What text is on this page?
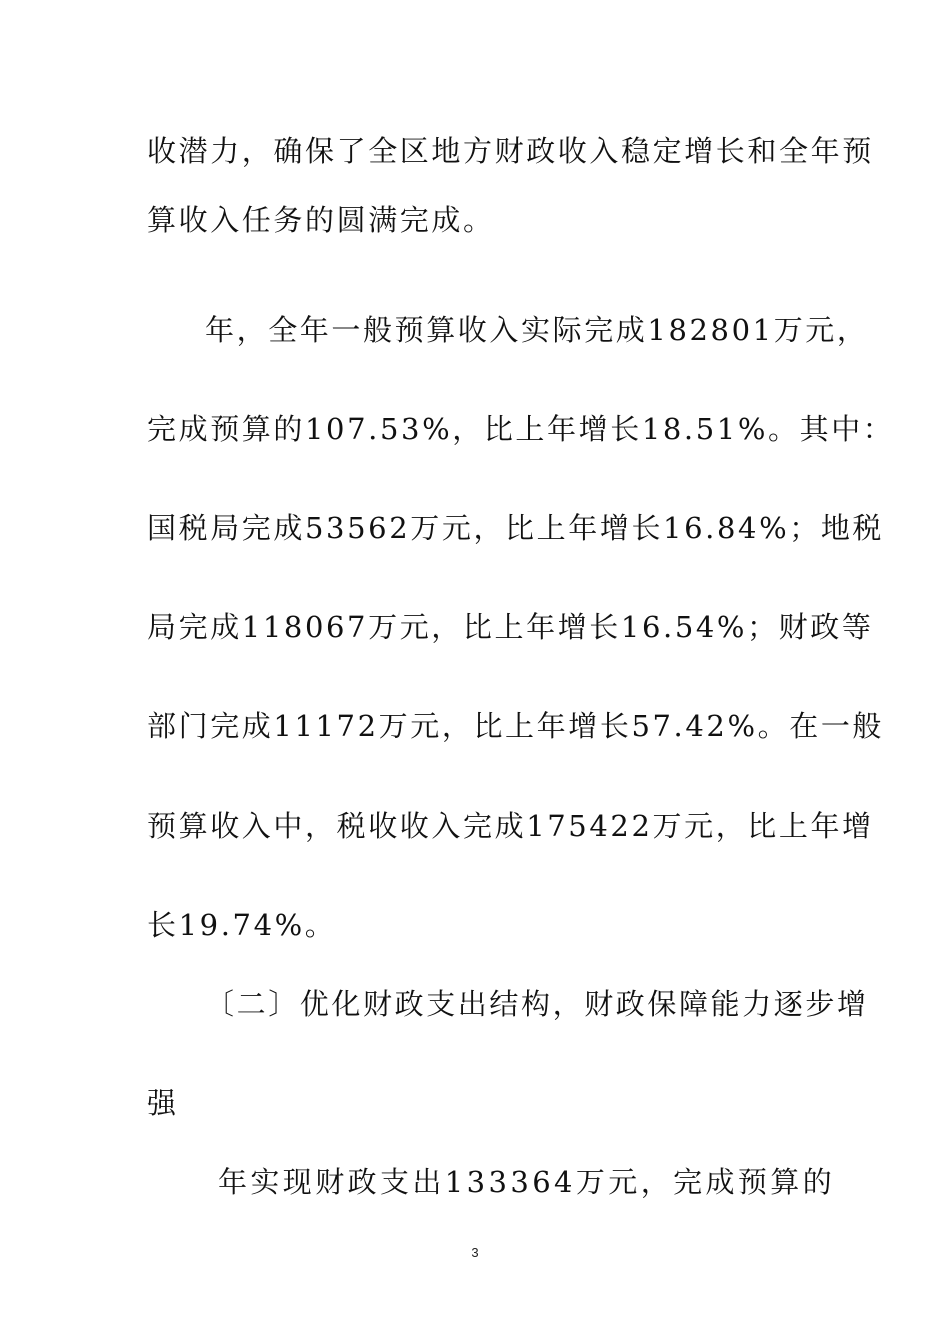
收潜力，确保了全区地方财政收入稳定增长和全年预
算收入任务的圆满完成。
年，全年一般预算收入实际完成182801万元，
完成预算的107.53%，比上年增长18.51%。其中：
国税局完成53562万元，比上年增长16.84%；地税
局完成118067万元，比上年增长16.54%；财政等
部门完成11172万元，比上年增长57.42%。在一般
预算收入中，税收收入完成175422万元，比上年增
长19.74%。
〔二〕优化财政支出结构，财政保障能力逐步增
强
年实现财政支出133364万元，完成预算的
3
